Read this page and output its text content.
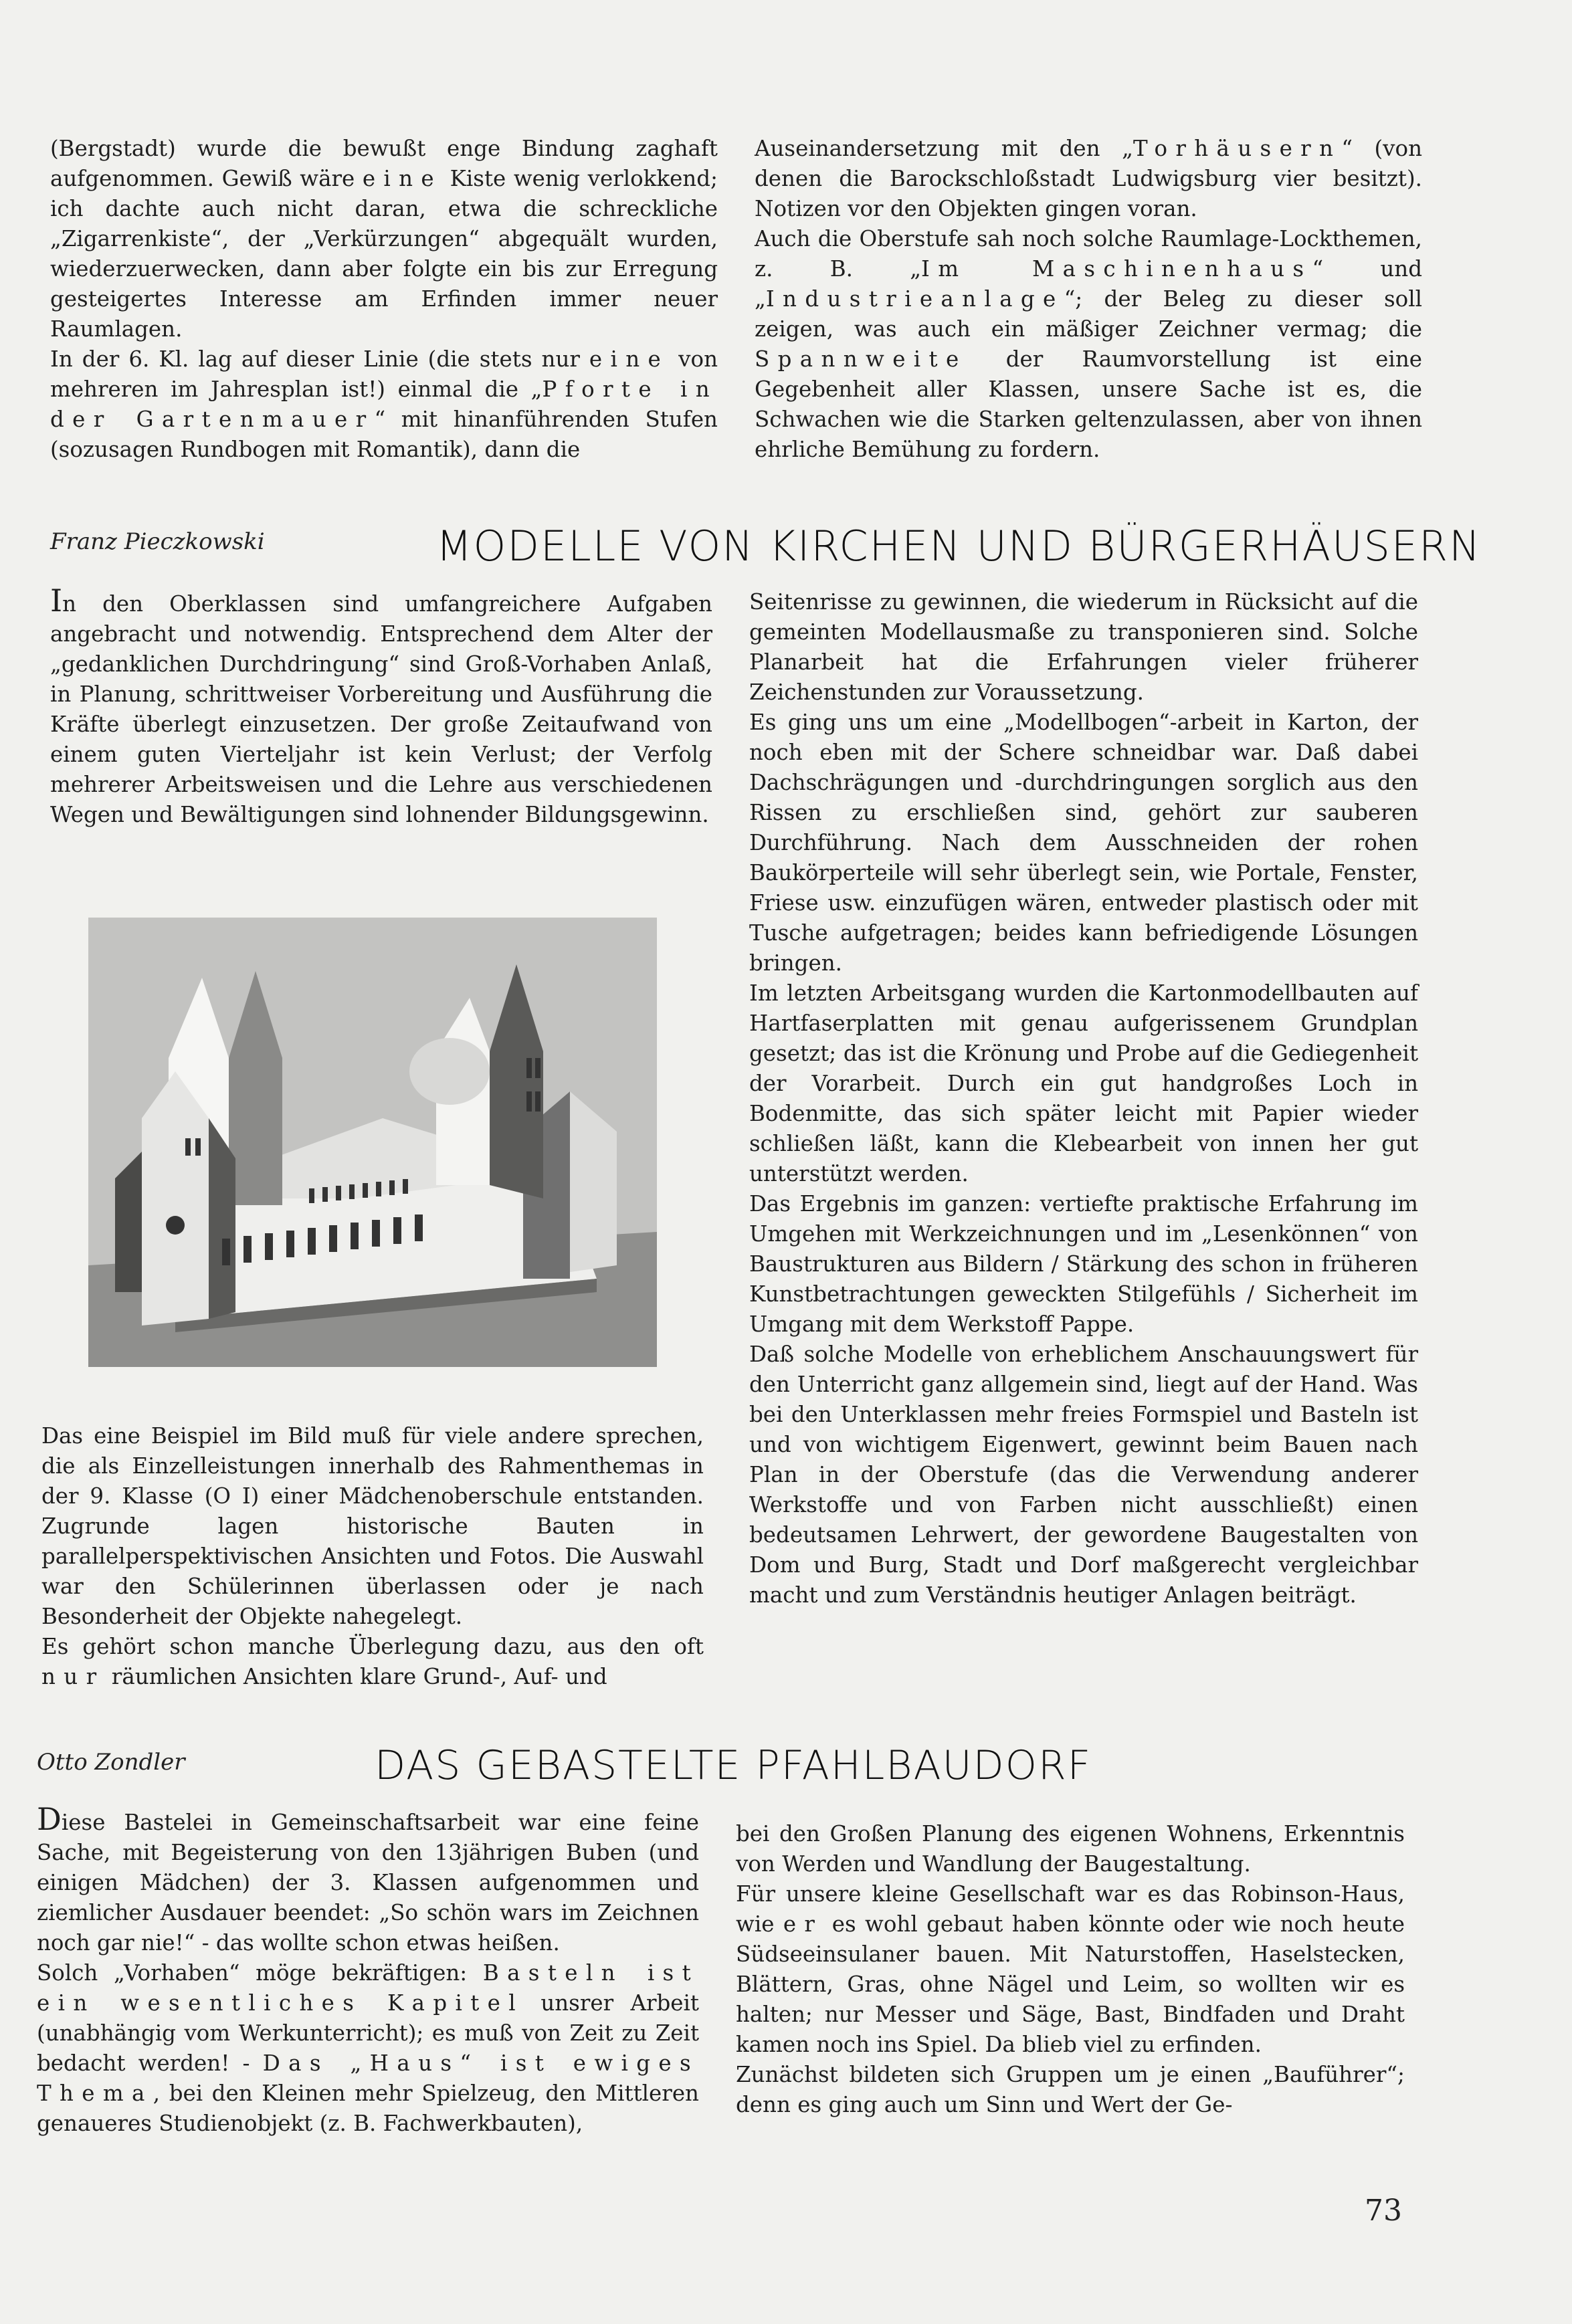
(Bergstadt) wurde die bewußt enge Bindung zaghaft aufgenommen. Gewiß wäre eine Kiste wenig verlokkend; ich dachte auch nicht daran, etwa die schreckliche „Zigarrenkiste“, der „Verkürzungen“ abgequält wurden, wiederzuerwecken, dann aber folgte ein bis zur Erregung gesteigertes Interesse am Erfinden immer neuer Raumlagen.

In der 6. Kl. lag auf dieser Linie (die stets nur eine von mehreren im Jahresplan ist!) einmal die „Pforte in der Gartenmauer“ mit hinanführenden Stufen (sozusagen Rundbogen mit Romantik), dann die

Auseinandersetzung mit den „Torhäusern“ (von denen die Barockschloßstadt Ludwigsburg vier besitzt). Notizen vor den Objekten gingen voran.

Auch die Oberstufe sah noch solche Raumlage-Lockthemen, z. B. „Im Maschinenhaus“ und „Industrieanlage“; der Beleg zu dieser soll zeigen, was auch ein mäßiger Zeichner vermag; die Spannweite der Raumvorstellung ist eine Gegebenheit aller Klassen, unsere Sache ist es, die Schwachen wie die Starken geltenzulassen, aber von ihnen ehrliche Bemühung zu fordern.

Franz Pieczkowski	MODELLE VON KIRCHEN UND BÜRGERHÄUSERN

In den Oberklassen sind umfangreichere Aufgaben angebracht und notwendig. Entsprechend dem Alter der „gedanklichen Durchdringung“ sind Groß-Vorhaben Anlaß, in Planung, schrittweiser Vorbereitung und Ausführung die Kräfte überlegt einzusetzen. Der große Zeitaufwand von einem guten Vierteljahr ist kein Verlust; der Verfolg mehrerer Arbeitsweisen und die Lehre aus verschiedenen Wegen und Bewältigungen sind lohnender Bildungsgewinn.

Das eine Beispiel im Bild muß für viele andere sprechen, die als Einzelleistungen innerhalb des Rahmenthemas in der 9. Klasse (O I) einer Mädchenoberschule entstanden. Zugrunde lagen historische Bauten in parallelperspektivischen Ansichten und Fotos. Die Auswahl war den Schülerinnen überlassen oder je nach Besonderheit der Objekte nahegelegt.

Es gehört schon manche Überlegung dazu, aus den oft nur räumlichen Ansichten klare Grund-, Auf- und

Seitenrisse zu gewinnen, die wiederum in Rücksicht auf die gemeinten Modellausmaße zu transponieren sind. Solche Planarbeit hat die Erfahrungen vieler früherer Zeichenstunden zur Voraussetzung.

Es ging uns um eine „Modellbogen“-arbeit in Karton, der noch eben mit der Schere schneidbar war. Daß dabei Dachschrägungen und -durchdringungen sorglich aus den Rissen zu erschließen sind, gehört zur sauberen Durchführung. Nach dem Ausschneiden der rohen Baukörperteile will sehr überlegt sein, wie Portale, Fenster, Friese usw. einzufügen wären, entweder plastisch oder mit Tusche aufgetragen; beides kann befriedigende Lösungen bringen.

Im letzten Arbeitsgang wurden die Kartonmodellbauten auf Hartfaserplatten mit genau aufgerissenem Grundplan gesetzt; das ist die Krönung und Probe auf die Gediegenheit der Vorarbeit. Durch ein gut handgroßes Loch in Bodenmitte, das sich später leicht mit Papier wieder schließen läßt, kann die Klebearbeit von innen her gut unterstützt werden.

Das Ergebnis im ganzen: vertiefte praktische Erfahrung im Umgehen mit Werkzeichnungen und im „Lesenkönnen“ von Baustrukturen aus Bildern / Stärkung des schon in früheren Kunstbetrachtungen geweckten Stilgefühls / Sicherheit im Umgang mit dem Werkstoff Pappe.

Daß solche Modelle von erheblichem Anschauungswert für den Unterricht ganz allgemein sind, liegt auf der Hand. Was bei den Unterklassen mehr freies Formspiel und Basteln ist und von wichtigem Eigenwert, gewinnt beim Bauen nach Plan in der Oberstufe (das die Verwendung anderer Werkstoffe und von Farben nicht ausschließt) einen bedeutsamen Lehrwert, der gewordene Baugestalten von Dom und Burg, Stadt und Dorf maßgerecht vergleichbar macht und zum Verständnis heutiger Anlagen beiträgt.

Otto Zondler	DAS GEBASTELTE PFAHLBAUDORF

Diese Bastelei in Gemeinschaftsarbeit war eine feine Sache, mit Begeisterung von den 13jährigen Buben (und einigen Mädchen) der 3. Klassen aufgenommen und ziemlicher Ausdauer beendet: „So schön wars im Zeichnen noch gar nie!“ - das wollte schon etwas heißen.

Solch „Vorhaben“ möge bekräftigen: Basteln ist ein wesentliches Kapitel unsrer Arbeit (unabhängig vom Werkunterricht); es muß von Zeit zu Zeit bedacht werden! - Das „Haus“ ist ewiges Thema, bei den Kleinen mehr Spielzeug, den Mittleren genaueres Studienobjekt (z. B. Fachwerkbauten),

bei den Großen Planung des eigenen Wohnens, Erkenntnis von Werden und Wandlung der Baugestaltung.

Für unsere kleine Gesellschaft war es das Robinson-Haus, wie er es wohl gebaut haben könnte oder wie noch heute Südseeinsulaner bauen. Mit Naturstoffen, Haselstecken, Blättern, Gras, ohne Nägel und Leim, so wollten wir es halten; nur Messer und Säge, Bast, Bindfaden und Draht kamen noch ins Spiel. Da blieb viel zu erfinden.

Zunächst bildeten sich Gruppen um je einen „Bauführer“; denn es ging auch um Sinn und Wert der Ge-

73
